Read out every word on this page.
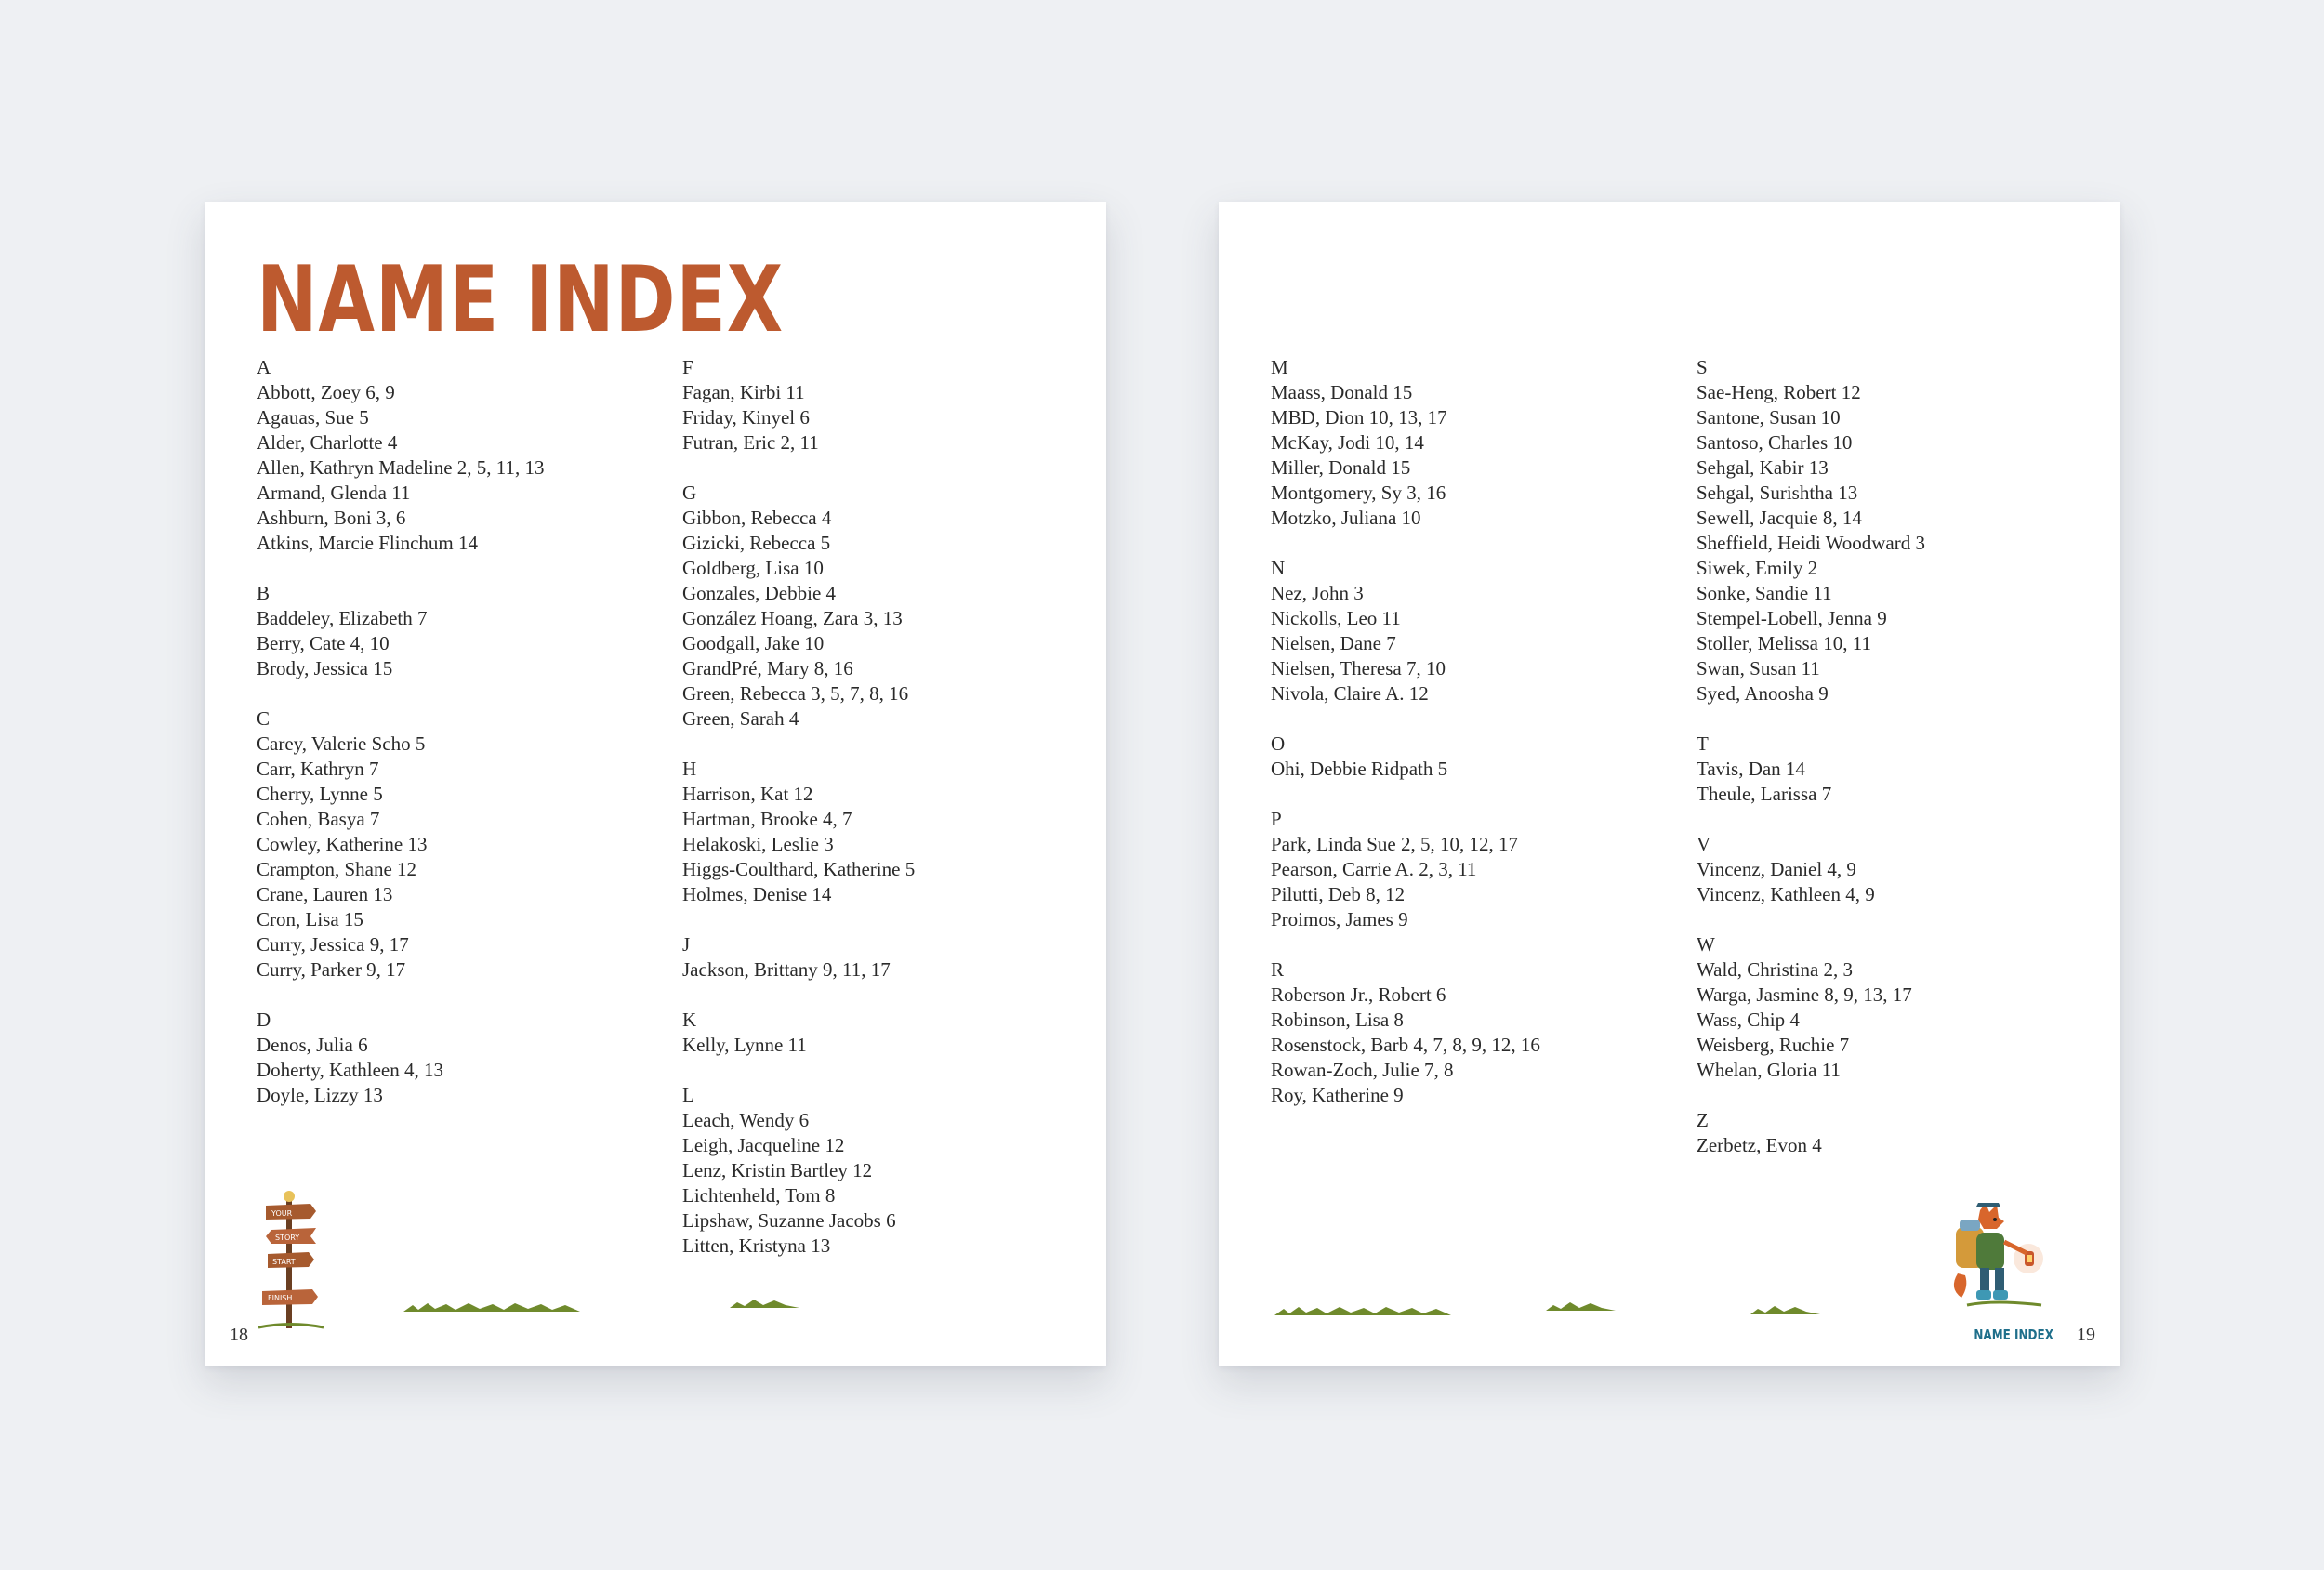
NAME INDEX
A
Abbott, Zoey 6, 9
Agauas, Sue 5
Alder, Charlotte 4
Allen, Kathryn Madeline 2, 5, 11, 13
Armand, Glenda 11
Ashburn, Boni 3, 6
Atkins, Marcie Flinchum 14
B
Baddeley, Elizabeth 7
Berry, Cate 4, 10
Brody, Jessica 15
C
Carey, Valerie Scho 5
Carr, Kathryn 7
Cherry, Lynne 5
Cohen, Basya 7
Cowley, Katherine 13
Crampton, Shane 12
Crane, Lauren 13
Cron, Lisa 15
Curry, Jessica 9, 17
Curry, Parker 9, 17
D
Denos, Julia 6
Doherty, Kathleen 4, 13
Doyle, Lizzy 13
F
Fagan, Kirbi 11
Friday, Kinyel 6
Futran, Eric 2, 11
G
Gibbon, Rebecca 4
Gizicki, Rebecca 5
Goldberg, Lisa 10
Gonzales, Debbie 4
González Hoang, Zara 3, 13
Goodgall, Jake 10
GrandPré, Mary 8, 16
Green, Rebecca 3, 5, 7, 8, 16
Green, Sarah 4
H
Harrison, Kat 12
Hartman, Brooke 4, 7
Helakoski, Leslie 3
Higgs-Coulthard, Katherine 5
Holmes, Denise 14
J
Jackson, Brittany 9, 11, 17
K
Kelly, Lynne 11
L
Leach, Wendy 6
Leigh, Jacqueline 12
Lenz, Kristin Bartley 12
Lichtenheld, Tom 8
Lipshaw, Suzanne Jacobs 6
Litten, Kristyna 13
YOUR
STORY
START
FINISH
18
M
Maass, Donald 15
MBD, Dion 10, 13, 17
McKay, Jodi 10, 14
Miller, Donald 15
Montgomery, Sy 3, 16
Motzko, Juliana 10
N
Nez, John 3
Nickolls, Leo 11
Nielsen, Dane 7
Nielsen, Theresa 7, 10
Nivola, Claire A. 12
O
Ohi, Debbie Ridpath 5
P
Park, Linda Sue 2, 5, 10, 12, 17
Pearson, Carrie A. 2, 3, 11
Pilutti, Deb 8, 12
Proimos, James 9
R
Roberson Jr., Robert 6
Robinson, Lisa 8
Rosenstock, Barb 4, 7, 8, 9, 12, 16
Rowan-Zoch, Julie 7, 8
Roy, Katherine 9
S
Sae-Heng, Robert 12
Santone, Susan 10
Santoso, Charles 10
Sehgal, Kabir 13
Sehgal, Surishtha 13
Sewell, Jacquie 8, 14
Sheffield, Heidi Woodward 3
Siwek, Emily 2
Sonke, Sandie 11
Stempel-Lobell, Jenna 9
Stoller, Melissa 10, 11
Swan, Susan 11
Syed, Anoosha 9
T
Tavis, Dan 14
Theule, Larissa 7
V
Vincenz, Daniel 4, 9
Vincenz, Kathleen 4, 9
W
Wald, Christina 2, 3
Warga, Jasmine 8, 9, 13, 17
Wass, Chip 4
Weisberg, Ruchie 7
Whelan, Gloria 11
Z
Zerbetz, Evon 4
NAME INDEX 19
